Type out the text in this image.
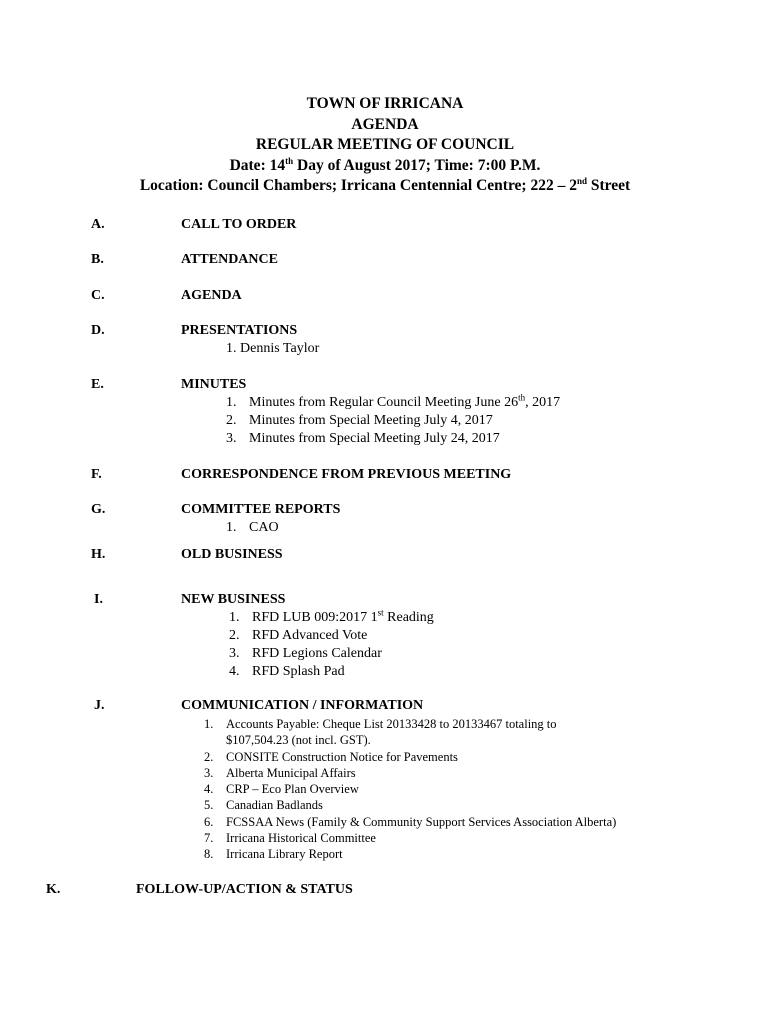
TOWN OF IRRICANA
AGENDA
REGULAR MEETING OF COUNCIL
Date: 14th Day of August 2017; Time: 7:00 P.M.
Location: Council Chambers; Irricana Centennial Centre; 222 – 2nd Street
A.	CALL TO ORDER
B.	ATTENDANCE
C.	AGENDA
D.	PRESENTATIONS
1. Dennis Taylor
E.	MINUTES
1. Minutes from Regular Council Meeting June 26th, 2017
2. Minutes from Special Meeting July 4, 2017
3. Minutes from Special Meeting July 24, 2017
F.	CORRESPONDENCE FROM PREVIOUS MEETING
G.	COMMITTEE REPORTS
1. CAO
H.	OLD BUSINESS
I.	NEW BUSINESS
1. RFD LUB 009:2017 1st Reading
2. RFD Advanced Vote
3. RFD Legions Calendar
4. RFD Splash Pad
J.	COMMUNICATION / INFORMATION
1.	Accounts Payable: Cheque List 20133428 to 20133467 totaling to
$107,504.23 (not incl. GST).
2.	CONSITE Construction Notice for Pavements
3.	Alberta Municipal Affairs
4.	CRP – Eco Plan Overview
5.	Canadian Badlands
6.	FCSSAA News (Family & Community Support Services Association Alberta)
7.	Irricana Historical Committee
8.	Irricana Library Report
K.	FOLLOW-UP/ACTION & STATUS
